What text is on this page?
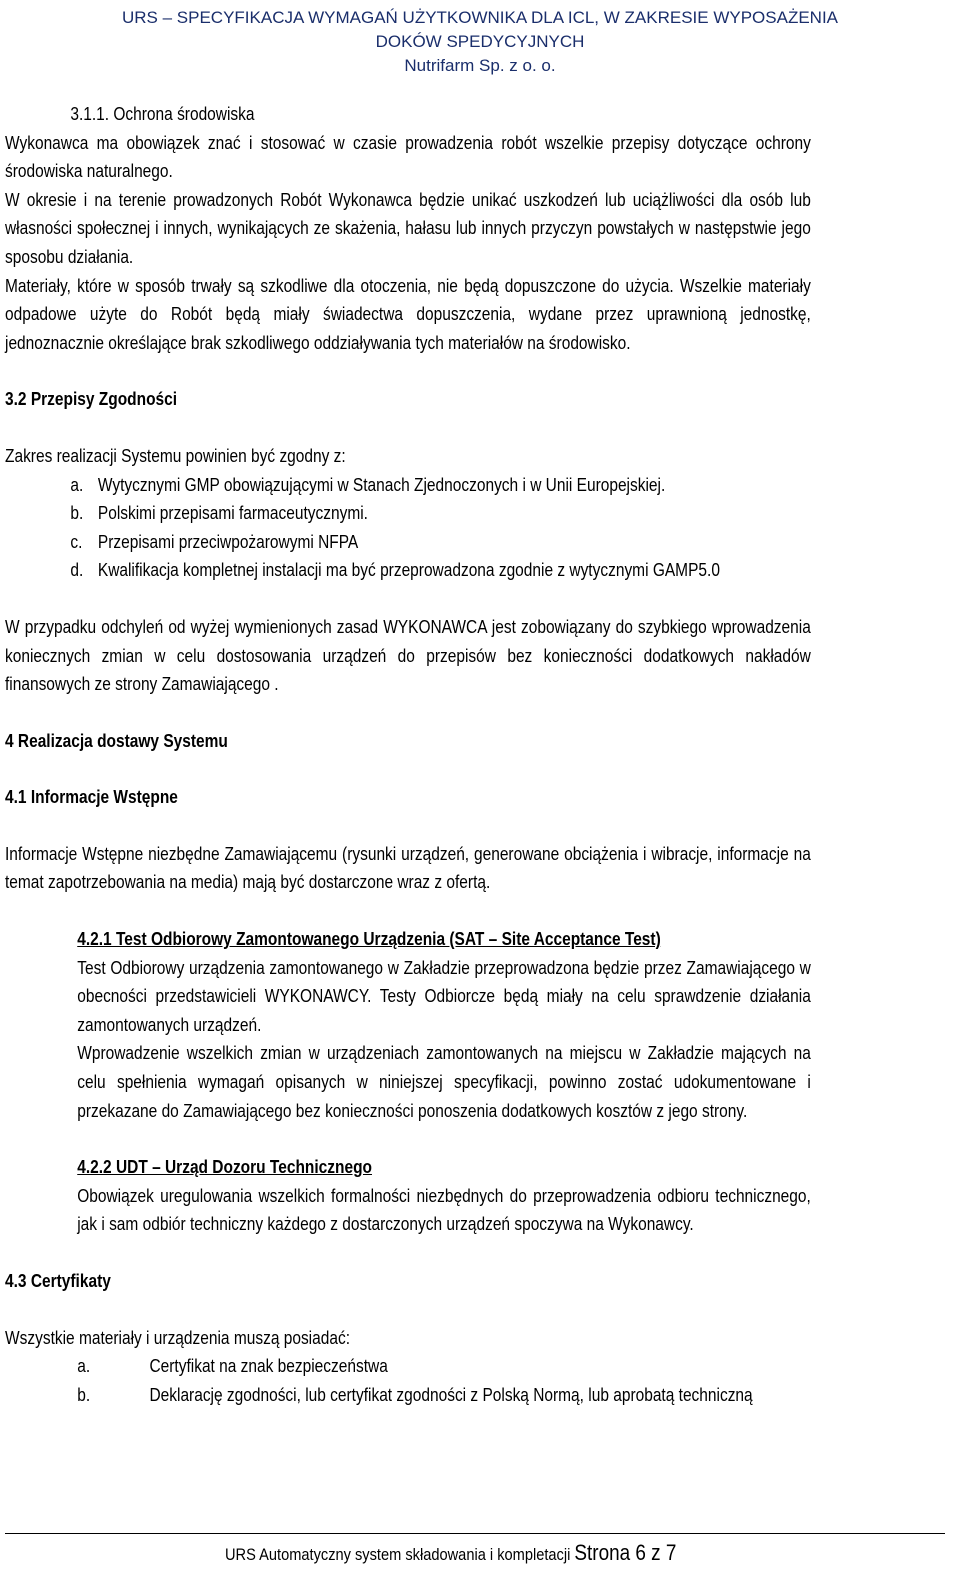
URS – SPECYFIKACJA WYMAGAŃ UŻYTKOWNIKA DLA ICL, W ZAKRESIE WYPOSAŻENIA
DOKÓW SPEDYCYJNYCH
Nutrifarm Sp. z o. o.

3.1.1. Ochrona środowiska

Wykonawca ma obowiązek znać i stosować w czasie prowadzenia robót wszelkie przepisy dotyczące ochrony środowiska naturalnego.

W okresie i na terenie prowadzonych Robót Wykonawca będzie unikać uszkodzeń lub uciążliwości dla osób lub własności społecznej i innych, wynikających ze skażenia, hałasu lub innych przyczyn powstałych w następstwie jego sposobu działania.

Materiały, które w sposób trwały są szkodliwe dla otoczenia, nie będą dopuszczone do użycia. Wszelkie materiały odpadowe użyte do Robót będą miały świadectwa dopuszczenia, wydane przez uprawnioną jednostkę, jednoznacznie określające brak szkodliwego oddziaływania tych materiałów na środowisko.

3.2 Przepisy Zgodności

Zakres realizacji Systemu powinien być zgodny z:

a. Wytycznymi GMP obowiązującymi w Stanach Zjednoczonych i w Unii Europejskiej.
b. Polskimi przepisami farmaceutycznymi.
c. Przepisami przeciwpożarowymi NFPA
d. Kwalifikacja kompletnej instalacji ma być przeprowadzona zgodnie z wytycznymi GAMP5.0

W przypadku odchyleń od wyżej wymienionych zasad WYKONAWCA jest zobowiązany do szybkiego wprowadzenia koniecznych zmian w celu dostosowania urządzeń do przepisów bez konieczności dodatkowych nakładów finansowych ze strony Zamawiającego .

4 Realizacja dostawy Systemu

4.1 Informacje Wstępne

Informacje Wstępne niezbędne Zamawiającemu (rysunki urządzeń, generowane obciążenia i wibracje, informacje na temat zapotrzebowania na media) mają być dostarczone wraz z ofertą.

4.2.1 Test Odbiorowy Zamontowanego Urządzenia (SAT – Site Acceptance Test)

Test Odbiorowy urządzenia zamontowanego w Zakładzie przeprowadzona będzie przez Zamawiającego w obecności przedstawicieli WYKONAWCY. Testy Odbiorcze będą miały na celu sprawdzenie działania zamontowanych urządzeń.

Wprowadzenie wszelkich zmian w urządzeniach zamontowanych na miejscu w Zakładzie mających na celu spełnienia wymagań opisanych w niniejszej specyfikacji, powinno zostać udokumentowane i przekazane do Zamawiającego bez konieczności ponoszenia dodatkowych kosztów z jego strony.

4.2.2 UDT – Urząd Dozoru Technicznego

Obowiązek uregulowania wszelkich formalności niezbędnych do przeprowadzenia odbioru technicznego, jak i sam odbiór techniczny każdego z dostarczonych urządzeń spoczywa na Wykonawcy.

4.3 Certyfikaty

Wszystkie materiały i urządzenia muszą posiadać:

a.	Certyfikat na znak bezpieczeństwa
b.	Deklarację zgodności, lub certyfikat zgodności z Polską Normą, lub aprobatą techniczną
URS Automatyczny system składowania i kompletacji Strona 6 z 7
